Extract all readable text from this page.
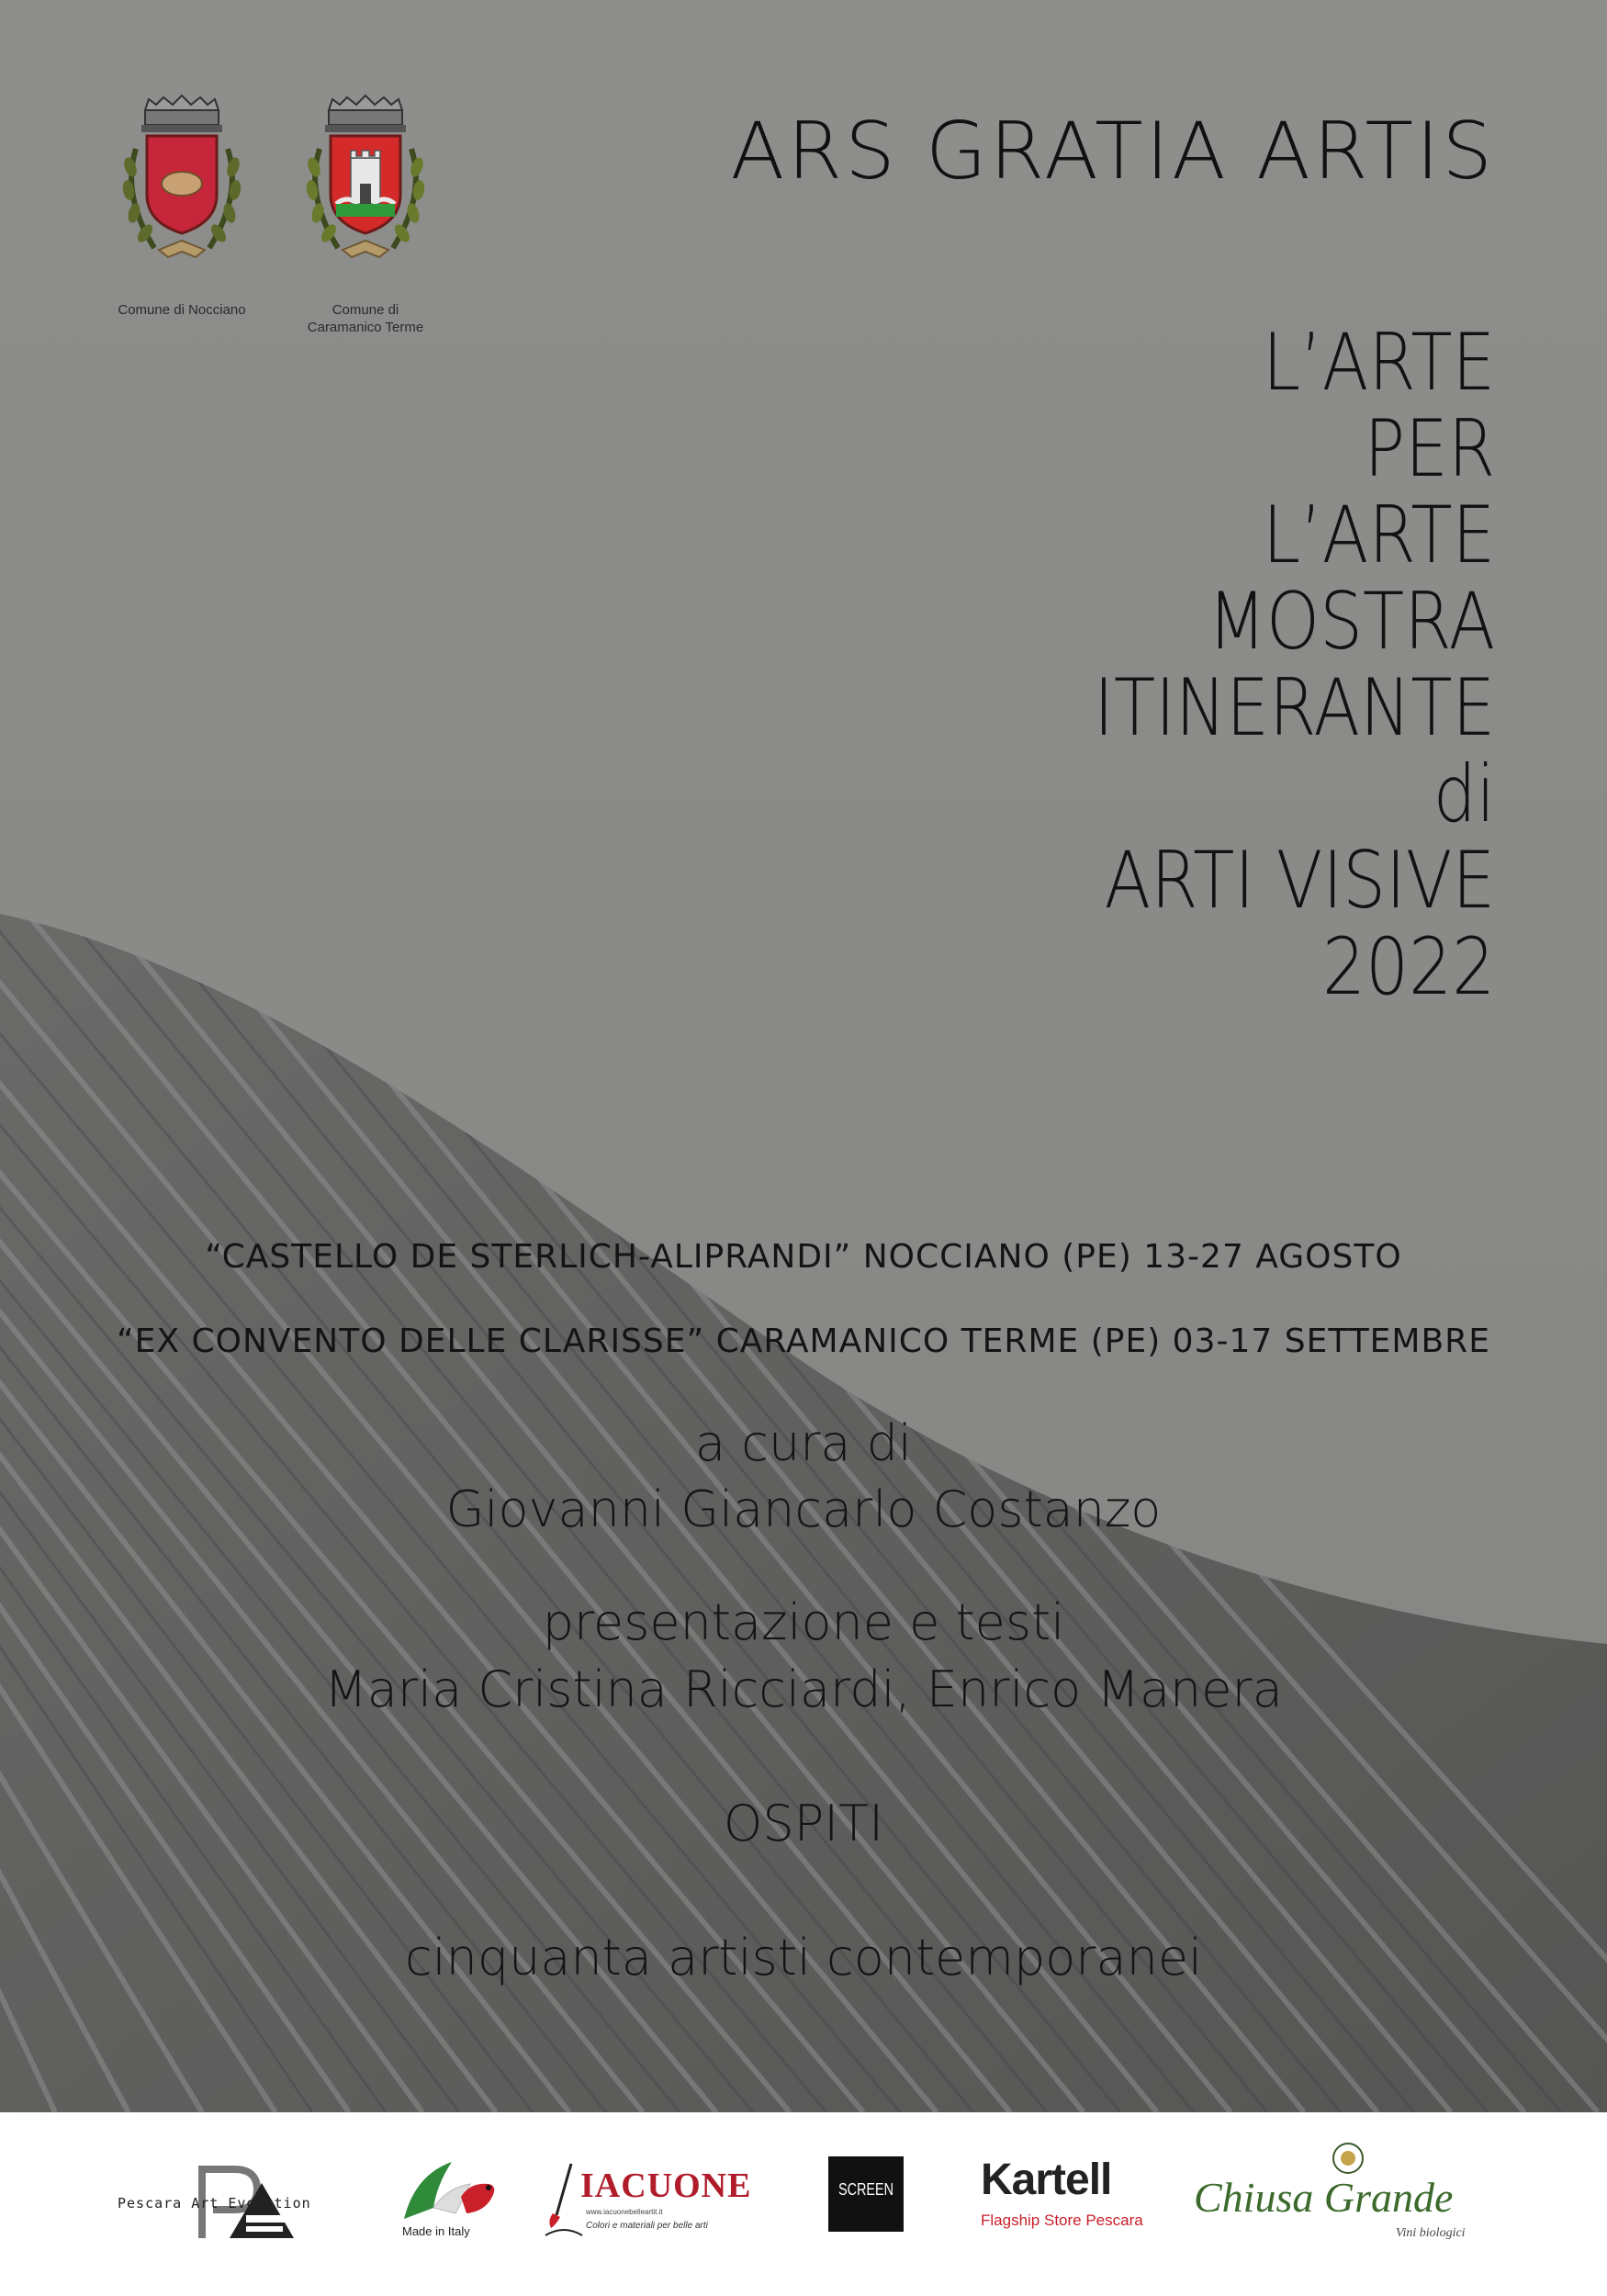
Comune di Nocciano	Comune di
Caramanico Terme
ARS GRATIA ARTIS
L’ARTE
PER
L’ARTE
MOSTRA
ITINERANTE
di
ARTI VISIVE
2022
“CASTELLO DE STERLICH-ALIPRANDI” NOCCIANO (PE) 13-27 AGOSTO
“EX CONVENTO DELLE CLARISSE” CARAMANICO TERME (PE) 03-17 SETTEMBRE
a cura di
Giovanni Giancarlo Costanzo
presentazione e testi
Maria Cristina Ricciardi, Enrico Manera
OSPITI
cinquanta artisti contemporanei
Pescara Art Evolution
Made in Italy
IACUONE
www.iacuonebelleartit.it
Colori e materiali per belle arti
SCREEN Kartell
Flagship Store Pescara Chiusa Grande
Vini biologici
